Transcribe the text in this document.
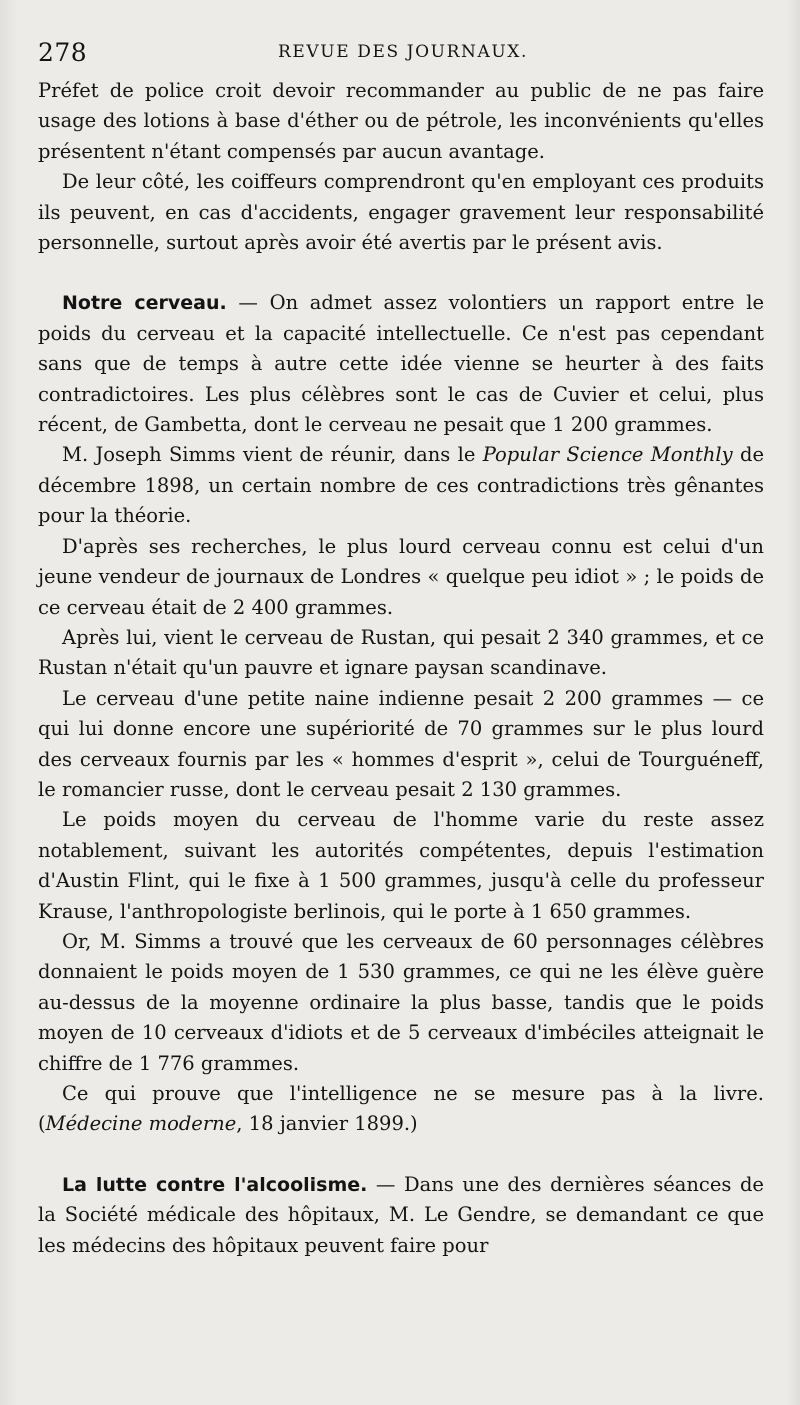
278	REVUE DES JOURNAUX.

Préfet de police croit devoir recommander au public de ne pas faire usage des lotions à base d'éther ou de pétrole, les inconvénients qu'elles présentent n'étant compensés par aucun avantage.

De leur côté, les coiffeurs comprendront qu'en employant ces produits ils peuvent, en cas d'accidents, engager gravement leur responsabilité personnelle, surtout après avoir été avertis par le présent avis.

Notre cerveau. — On admet assez volontiers un rapport entre le poids du cerveau et la capacité intellectuelle. Ce n'est pas cependant sans que de temps à autre cette idée vienne se heurter à des faits contradictoires. Les plus célèbres sont le cas de Cuvier et celui, plus récent, de Gambetta, dont le cerveau ne pesait que 1 200 grammes.

M. Joseph Simms vient de réunir, dans le Popular Science Monthly de décembre 1898, un certain nombre de ces contradictions très gênantes pour la théorie.

D'après ses recherches, le plus lourd cerveau connu est celui d'un jeune vendeur de journaux de Londres « quelque peu idiot » ; le poids de ce cerveau était de 2 400 grammes.

Après lui, vient le cerveau de Rustan, qui pesait 2 340 grammes, et ce Rustan n'était qu'un pauvre et ignare paysan scandinave.

Le cerveau d'une petite naine indienne pesait 2 200 grammes — ce qui lui donne encore une supériorité de 70 grammes sur le plus lourd des cerveaux fournis par les « hommes d'esprit », celui de Tourguéneff, le romancier russe, dont le cerveau pesait 2 130 grammes.

Le poids moyen du cerveau de l'homme varie du reste assez notablement, suivant les autorités compétentes, depuis l'estimation d'Austin Flint, qui le fixe à 1 500 grammes, jusqu'à celle du professeur Krause, l'anthropologiste berlinois, qui le porte à 1 650 grammes.

Or, M. Simms a trouvé que les cerveaux de 60 personnages célèbres donnaient le poids moyen de 1 530 grammes, ce qui ne les élève guère au-dessus de la moyenne ordinaire la plus basse, tandis que le poids moyen de 10 cerveaux d'idiots et de 5 cerveaux d'imbéciles atteignait le chiffre de 1 776 grammes.

Ce qui prouve que l'intelligence ne se mesure pas à la livre. (Médecine moderne, 18 janvier 1899.)

La lutte contre l'alcoolisme. — Dans une des dernières séances de la Société médicale des hôpitaux, M. Le Gendre, se demandant ce que les médecins des hôpitaux peuvent faire pour
